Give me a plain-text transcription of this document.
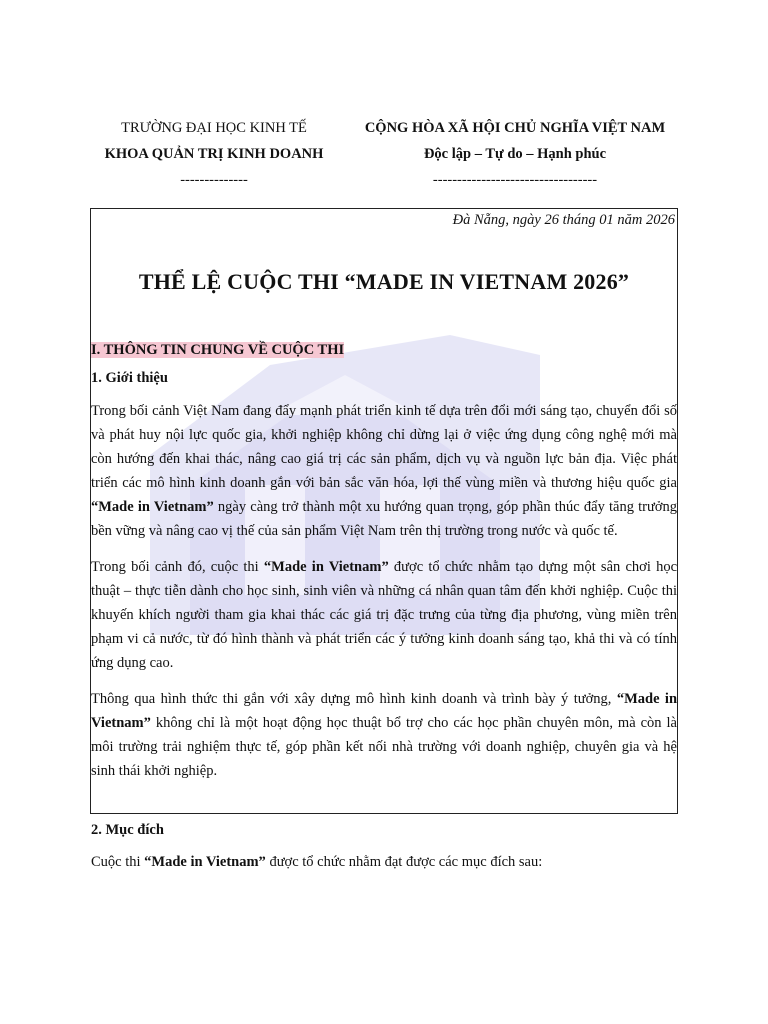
TRƯỜNG ĐẠI HỌC KINH TẾ
KHOA QUẢN TRỊ KINH DOANH
--------------
CỘNG HÒA XÃ HỘI CHỦ NGHĨA VIỆT NAM
Độc lập – Tự do – Hạnh phúc
----------------------------------
Đà Nẵng, ngày 26 tháng 01 năm 2026
THỂ LỆ CUỘC THI “MADE IN VIETNAM 2026”
I. THÔNG TIN CHUNG VỀ CUỘC THI
1. Giới thiệu

Trong bối cảnh Việt Nam đang đẩy mạnh phát triển kinh tế dựa trên đổi mới sáng tạo, chuyển đổi số và phát huy nội lực quốc gia, khởi nghiệp không chỉ dừng lại ở việc ứng dụng công nghệ mới mà còn hướng đến khai thác, nâng cao giá trị các sản phẩm, dịch vụ và nguồn lực bản địa. Việc phát triển các mô hình kinh doanh gắn với bản sắc văn hóa, lợi thế vùng miền và thương hiệu quốc gia “Made in Vietnam” ngày càng trở thành một xu hướng quan trọng, góp phần thúc đẩy tăng trưởng bền vững và nâng cao vị thế của sản phẩm Việt Nam trên thị trường trong nước và quốc tế.

Trong bối cảnh đó, cuộc thi “Made in Vietnam” được tổ chức nhằm tạo dựng một sân chơi học thuật – thực tiễn dành cho học sinh, sinh viên và những cá nhân quan tâm đến khởi nghiệp. Cuộc thi khuyến khích người tham gia khai thác các giá trị đặc trưng của từng địa phương, vùng miền trên phạm vi cả nước, từ đó hình thành và phát triển các ý tưởng kinh doanh sáng tạo, khả thi và có tính ứng dụng cao.

Thông qua hình thức thi gắn với xây dựng mô hình kinh doanh và trình bày ý tưởng, “Made in Vietnam” không chỉ là một hoạt động học thuật bổ trợ cho các học phần chuyên môn, mà còn là môi trường trải nghiệm thực tế, góp phần kết nối nhà trường với doanh nghiệp, chuyên gia và hệ sinh thái khởi nghiệp.

2. Mục đích

Cuộc thi “Made in Vietnam” được tổ chức nhằm đạt được các mục đích sau:
